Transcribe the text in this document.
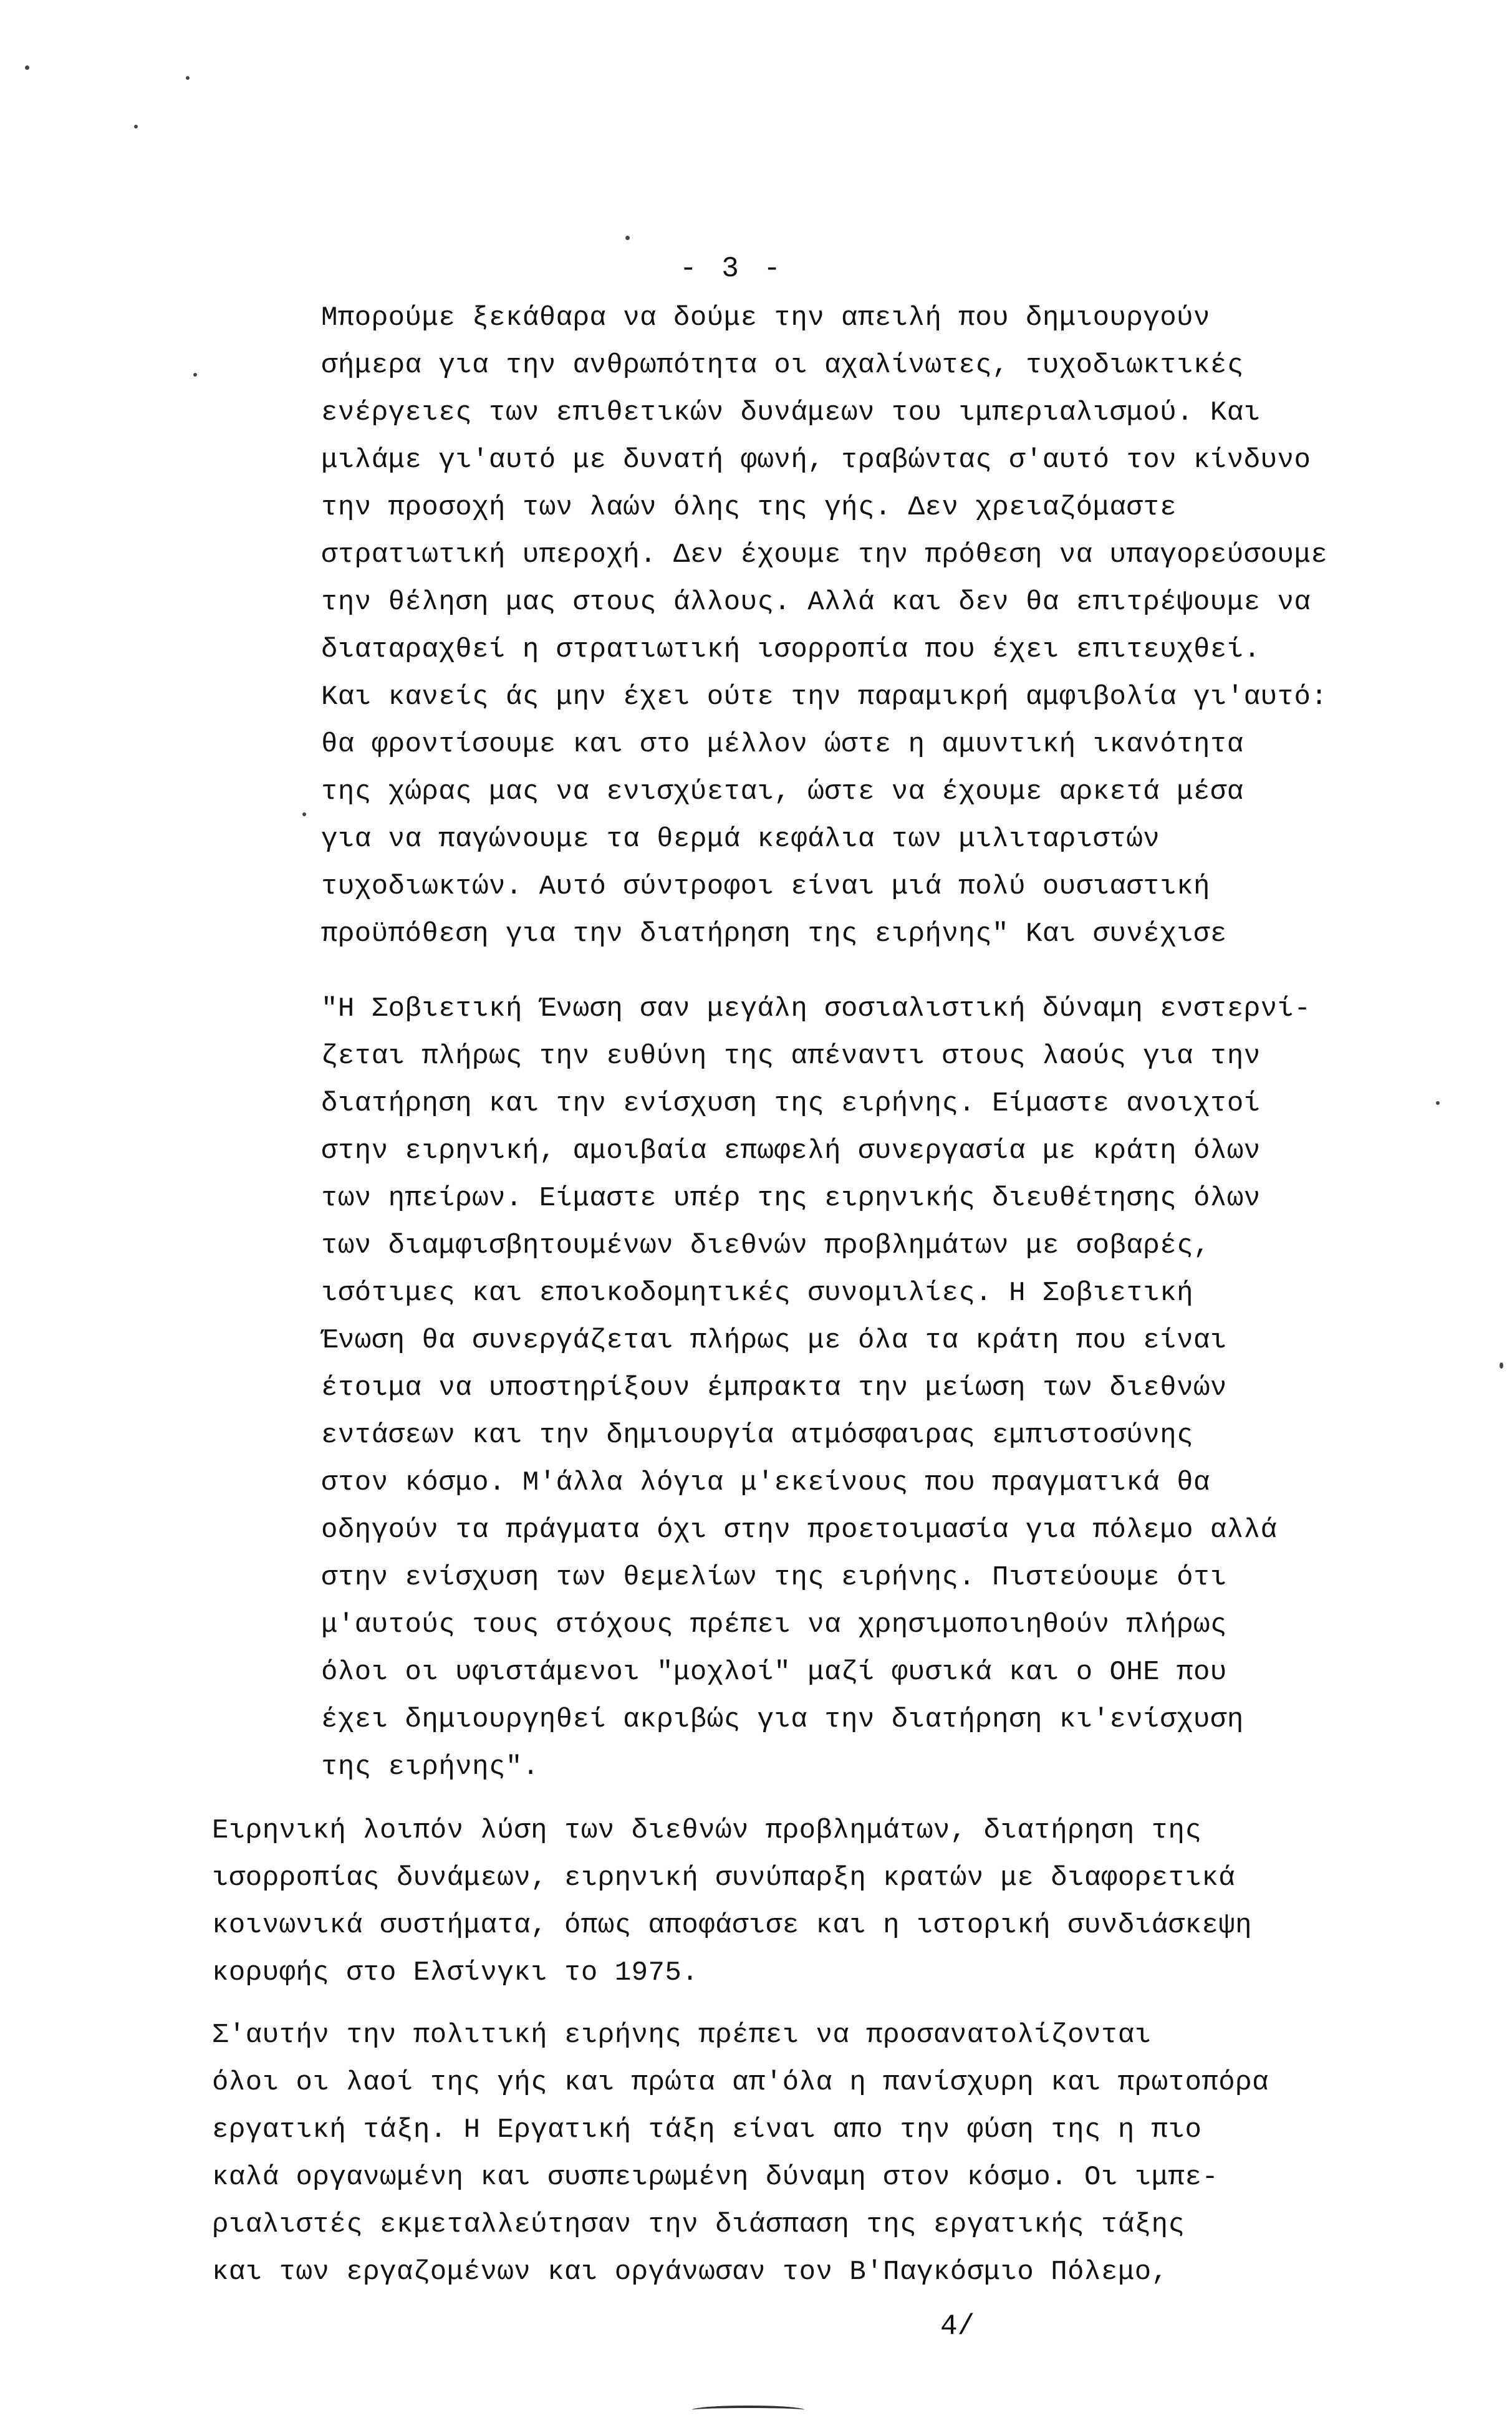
- 3 -
Μπορούμε ξεκάθαρα να δούμε την απειλή που δημιουργούν
σήμερα για την ανθρωπότητα οι αχαλίνωτες, τυχοδιωκτικές
ενέργειες των επιθετικών δυνάμεων του ιμπεριαλισμού. Και
μιλάμε γι'αυτό με δυνατή φωνή, τραβώντας σ'αυτό τον κίνδυνο
την προσοχή των λαών όλης της γής. Δεν χρειαζόμαστε
στρατιωτική υπεροχή. Δεν έχουμε την πρόθεση να υπαγορεύσουμε
την θέληση μας στους άλλους. Αλλά και δεν θα επιτρέψουμε να
διαταραχθεί η στρατιωτική ισορροπία που έχει επιτευχθεί.
Και κανείς άς μην έχει ούτε την παραμικρή αμφιβολία γι'αυτό:
θα φροντίσουμε και στο μέλλον ώστε η αμυντική ικανότητα
της χώρας μας να ενισχύεται, ώστε να έχουμε αρκετά μέσα
για να παγώνουμε τα θερμά κεφάλια των μιλιταριστών
τυχοδιωκτών. Αυτό σύντροφοι είναι μιά πολύ ουσιαστική
προϋπόθεση για την διατήρηση της ειρήνης" Και συνέχισε
"Η Σοβιετική Ένωση σαν μεγάλη σοσιαλιστική δύναμη ενστερνί-
ζεται πλήρως την ευθύνη της απέναντι στους λαούς για την
διατήρηση και την ενίσχυση της ειρήνης. Είμαστε ανοιχτοί
στην ειρηνική, αμοιβαία επωφελή συνεργασία με κράτη όλων
των ηπείρων. Είμαστε υπέρ της ειρηνικής διευθέτησης όλων
των διαμφισβητουμένων διεθνών προβλημάτων με σοβαρές,
ισότιμες και εποικοδομητικές συνομιλίες. Η Σοβιετική
Ένωση θα συνεργάζεται πλήρως με όλα τα κράτη που είναι
έτοιμα να υποστηρίξουν έμπρακτα την μείωση των διεθνών
εντάσεων και την δημιουργία ατμόσφαιρας εμπιστοσύνης
στον κόσμο. Μ'άλλα λόγια μ'εκείνους που πραγματικά θα
οδηγούν τα πράγματα όχι στην προετοιμασία για πόλεμο αλλά
στην ενίσχυση των θεμελίων της ειρήνης. Πιστεύουμε ότι
μ'αυτούς τους στόχους πρέπει να χρησιμοποιηθούν πλήρως
όλοι οι υφιστάμενοι "μοχλοί" μαζί φυσικά και ο ΟΗΕ που
έχει δημιουργηθεί ακριβώς για την διατήρηση κι'ενίσχυση
της ειρήνης".
Ειρηνική λοιπόν λύση των διεθνών προβλημάτων, διατήρηση της
ισορροπίας δυνάμεων, ειρηνική συνύπαρξη κρατών με διαφορετικά
κοινωνικά συστήματα, όπως αποφάσισε και η ιστορική συνδιάσκεψη
κορυφής στο Ελσίνγκι το 1975.
Σ'αυτήν την πολιτική ειρήνης πρέπει να προσανατολίζονται
όλοι οι λαοί της γής και πρώτα απ'όλα η πανίσχυρη και πρωτοπόρα
εργατική τάξη. Η Εργατική τάξη είναι απο την φύση της η πιο
καλά οργανωμένη και συσπειρωμένη δύναμη στον κόσμο. Οι ιμπε-
ριαλιστές εκμεταλλεύτησαν την διάσπαση της εργατικής τάξης
και των εργαζομένων και οργάνωσαν τον Β'Παγκόσμιο Πόλεμο,
4/
